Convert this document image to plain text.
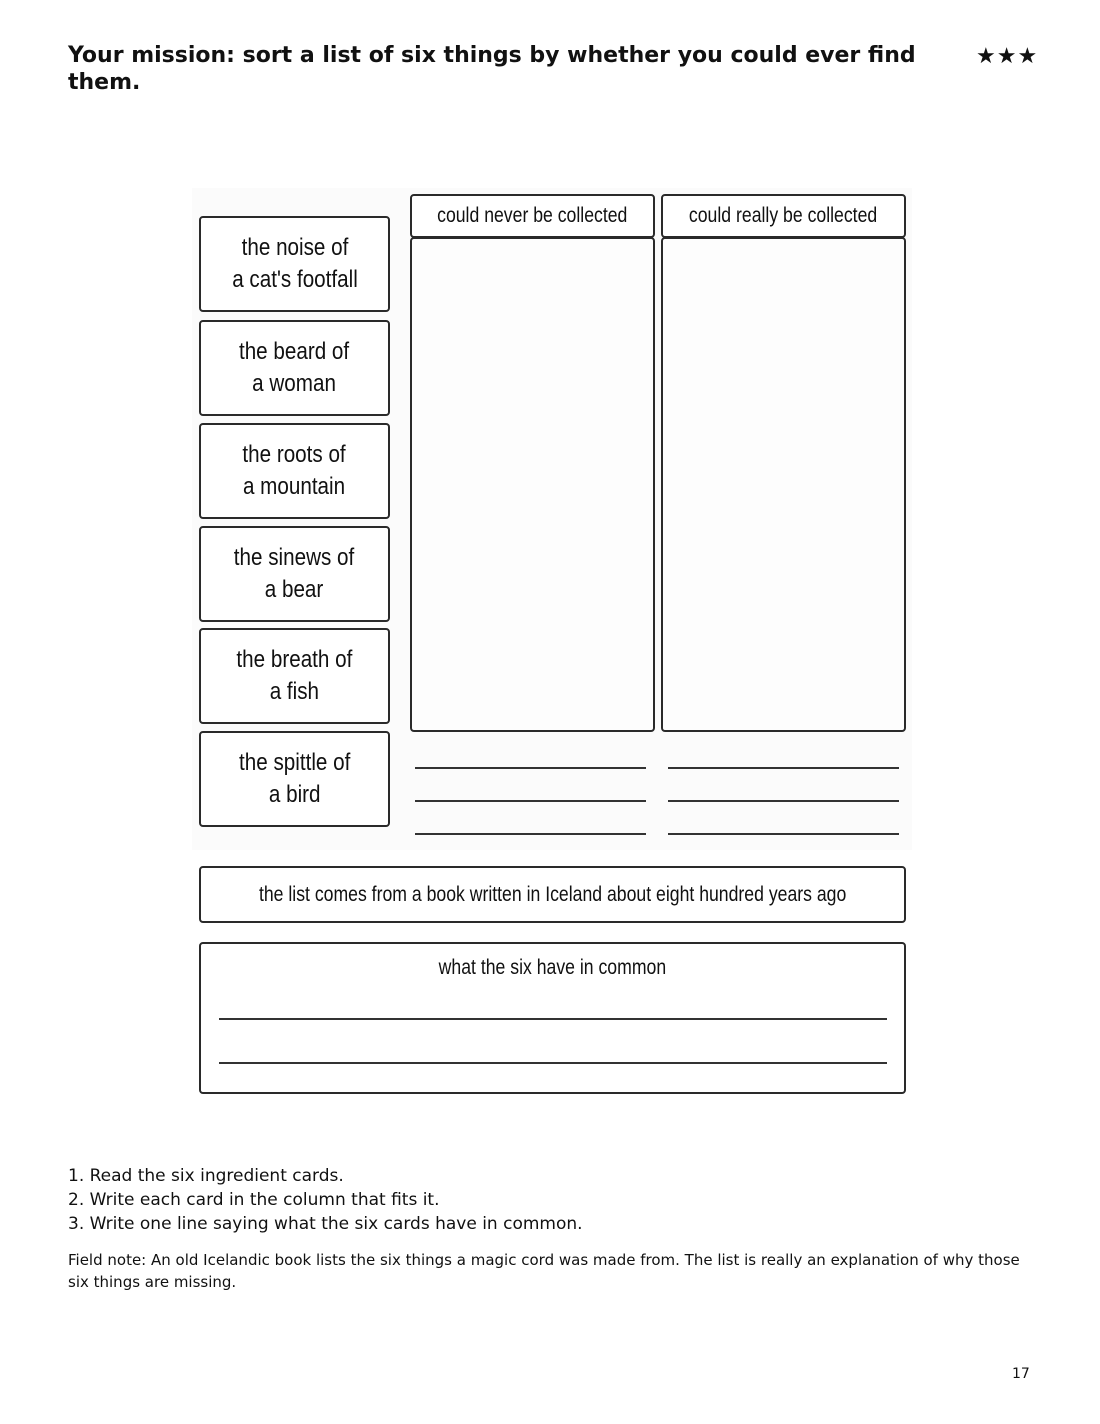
Your mission: sort a list of six things by whether you could ever find them.
★★★
the noise of
a cat's footfall
the beard of
a woman
the roots of
a mountain
the sinews of
a bear
the breath of
a fish
the spittle of
a bird
could never be collected	could really be collected
the list comes from a book written in Iceland about eight hundred years ago
what the six have in common
1. Read the six ingredient cards.
2. Write each card in the column that fits it.
3. Write one line saying what the six cards have in common.

Field note: An old Icelandic book lists the six things a magic cord was made from. The list is really an explanation of why those six things are missing.

17
